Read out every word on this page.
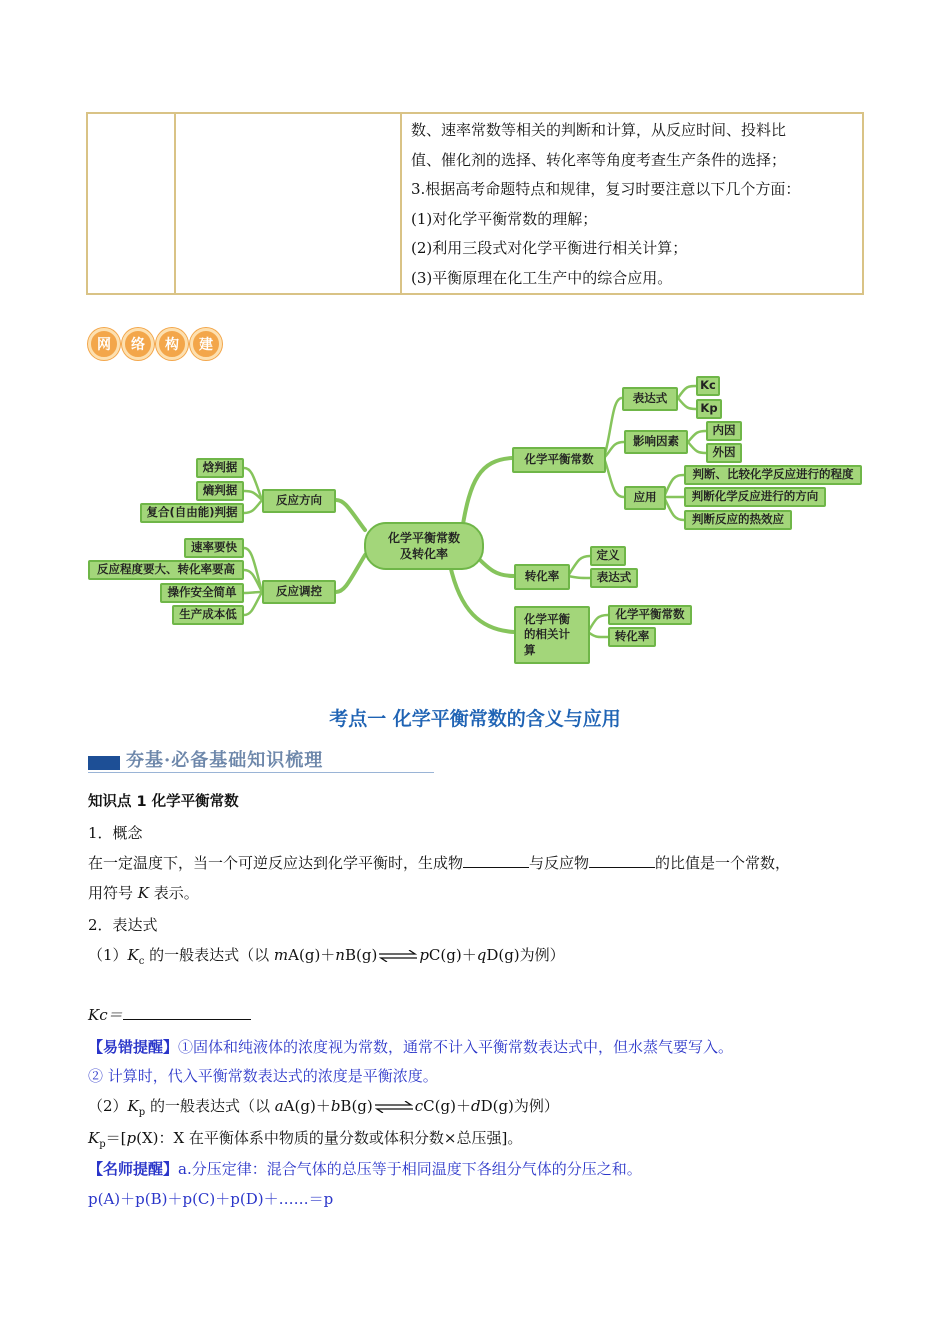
数、速率常数等相关的判断和计算，从反应时间、投料比
值、催化剂的选择、转化率等角度考查生产条件的选择；
3.根据高考命题特点和规律，复习时要注意以下几个方面：
(1)对化学平衡常数的理解；
(2)利用三段式对化学平衡进行相关计算；
(3)平衡原理在化工生产中的综合应用。
网	络	构	建
化学平衡常数
及转化率
化学平衡常数
表达式
Kc
Kp
影响因素
内因
外因
应用
判断、比较化学反应进行的程度
判断化学反应进行的方向
判断反应的热效应
转化率
定义
表达式
化学平衡
的相关计
算
化学平衡常数
转化率
反应方向
焓判据
熵判据
复合(自由能)判据
反应调控
速率要快
反应程度要大、转化率要高
操作安全简单
生产成本低
考点一 化学平衡常数的含义与应用
夯基·必备基础知识梳理
知识点 1 化学平衡常数
1．概念
在一定温度下，当一个可逆反应达到化学平衡时，生成物	与反应物	的比值是一个常数，
用符号 K 表示。
2．表达式
$(1)K_c$ 的一般表达式（以 mA(g)＋nB(g)⇌pC(g)＋qD(g)为例）
Kc＝
【易错提醒】①固体和纯液体的浓度视为常数，通常不计入平衡常数表达式中，但水蒸气要写入。
② 计算时，代入平衡常数表达式的浓度是平衡浓度。
$(2)K_p$ 的一般表达式（以 aA(g)＋bB(g)⇌cC(g)＋dD(g)为例）
$K_p=[p(X)$：X 在平衡体系中物质的量分数或体积分数×总压强]。
【名师提醒】a.分压定律：混合气体的总压等于相同温度下各组分气体的分压之和。
p(A)＋p(B)＋p(C)＋p(D)＋……＝p
